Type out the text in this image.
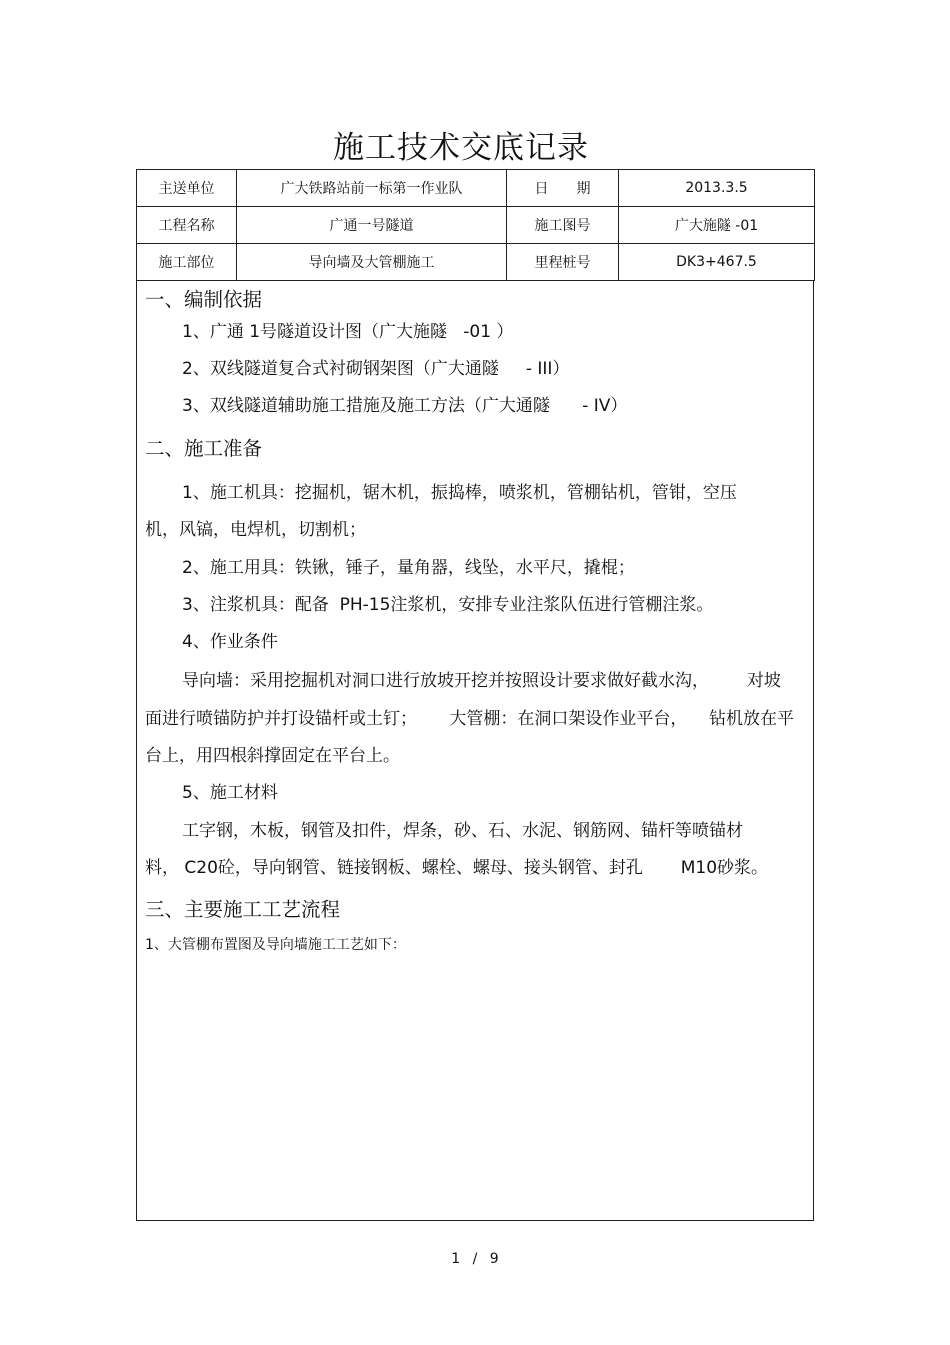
施工技术交底记录
主送单位	广大铁路站前一标第一作业队	日　　期	2013.3.5
工程名称	广通一号隧道	施工图号	广大施隧 -01
施工部位	导向墙及大管棚施工	里程桩号	DK3+467.5
一、编制依据
1、广通 1号隧道设计图（广大施隧   -01 ）
2、双线隧道复合式衬砌钢架图（广大通隧     - III）
3、双线隧道辅助施工措施及施工方法（广大通隧      - IV）
二、施工准备
1、施工机具：挖掘机，锯木机，振捣棒，喷浆机，管棚钻机，管钳，空压
机，风镐，电焊机，切割机；
2、施工用具：铁锹，锤子，量角器，线坠，水平尺，撬棍；
3、注浆机具：配备  PH-15注浆机，安排专业注浆队伍进行管棚注浆。
4、作业条件
导向墙：采用挖掘机对洞口进行放坡开挖并按照设计要求做好截水沟，       对坡
面进行喷锚防护并打设锚杆或土钉；      大管棚：在洞口架设作业平台，    钻机放在平
台上，用四根斜撑固定在平台上。
5、施工材料
工字钢，木板，钢管及扣件，焊条，砂、石、水泥、钢筋网、锚杆等喷锚材
料， C20砼，导向钢管、链接钢板、螺栓、螺母、接头钢管、封孔       M10砂浆。
三、主要施工工艺流程
1、大管棚布置图及导向墙施工工艺如下：
1 / 9
